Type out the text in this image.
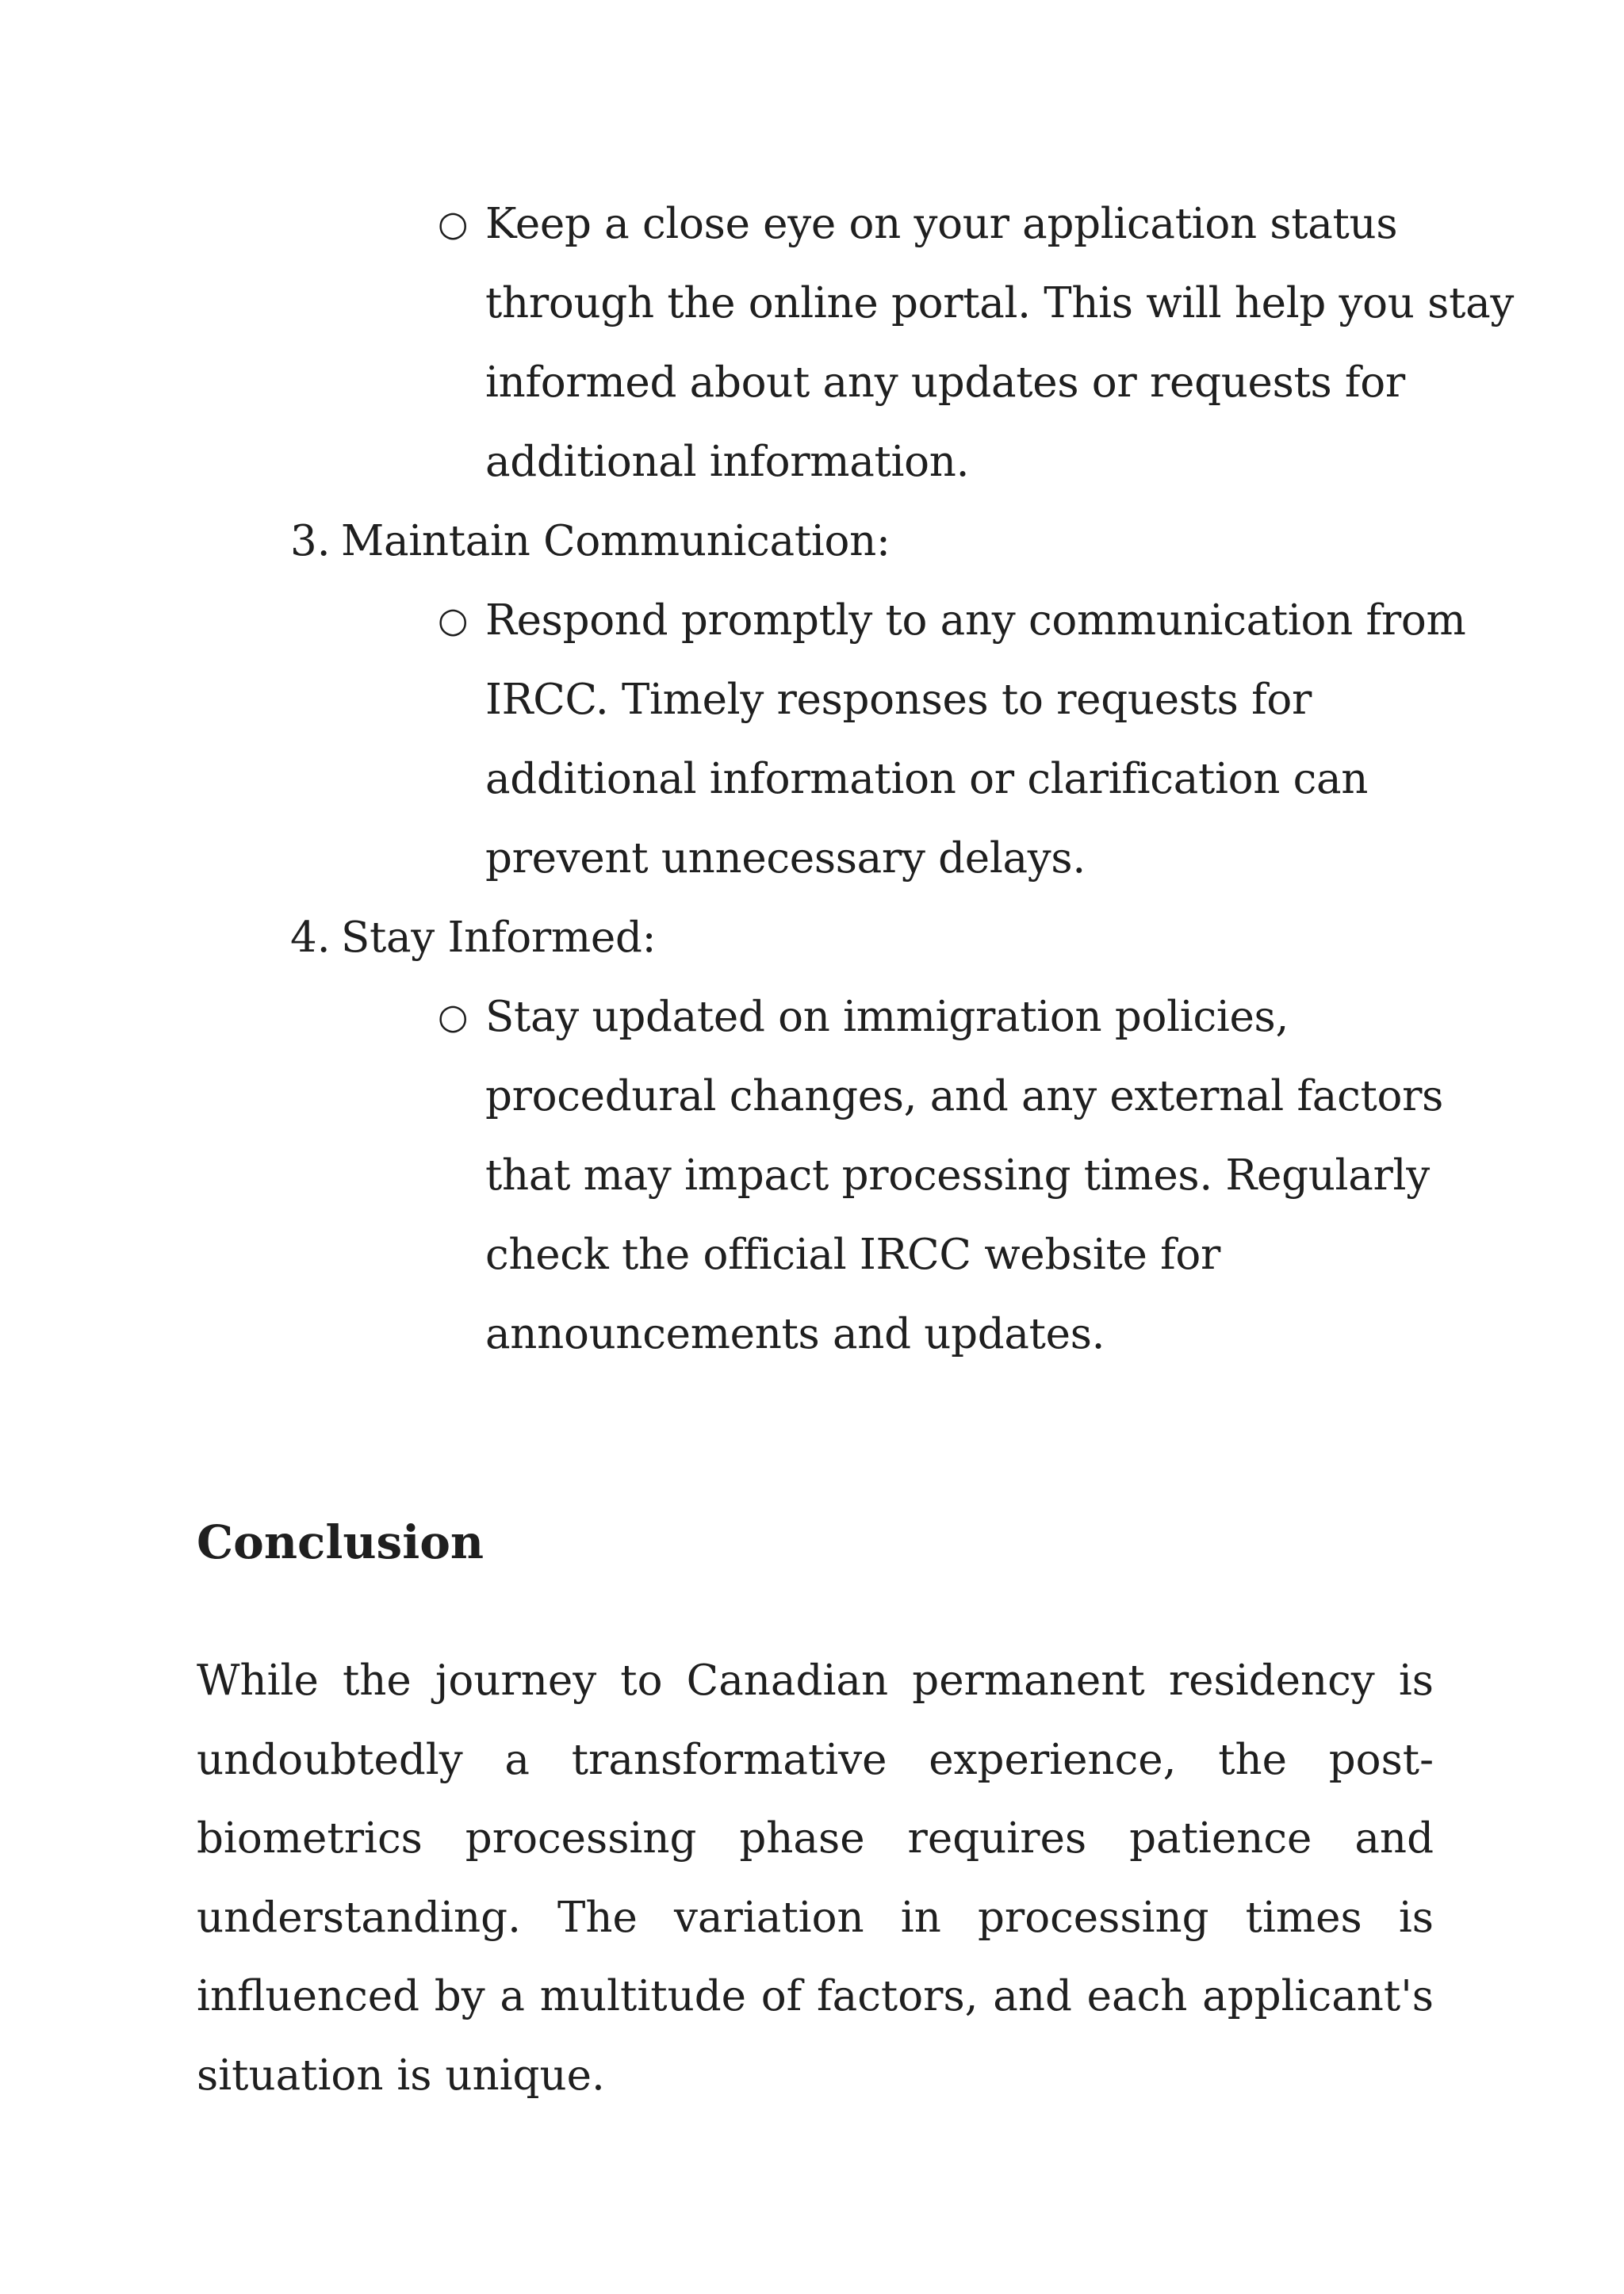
○ Keep a close eye on your application status
through the online portal. This will help you stay
informed about any updates or requests for
additional information.
3. Maintain Communication:
○ Respond promptly to any communication from
IRCC. Timely responses to requests for
additional information or clarification can
prevent unnecessary delays.
4. Stay Informed:
○ Stay updated on immigration policies,
procedural changes, and any external factors
that may impact processing times. Regularly
check the official IRCC website for
announcements and updates.
Conclusion

While the journey to Canadian permanent residency is undoubtedly a transformative experience, the post-biometrics processing phase requires patience and understanding. The variation in processing times is influenced by a multitude of factors, and each applicant's situation is unique.
